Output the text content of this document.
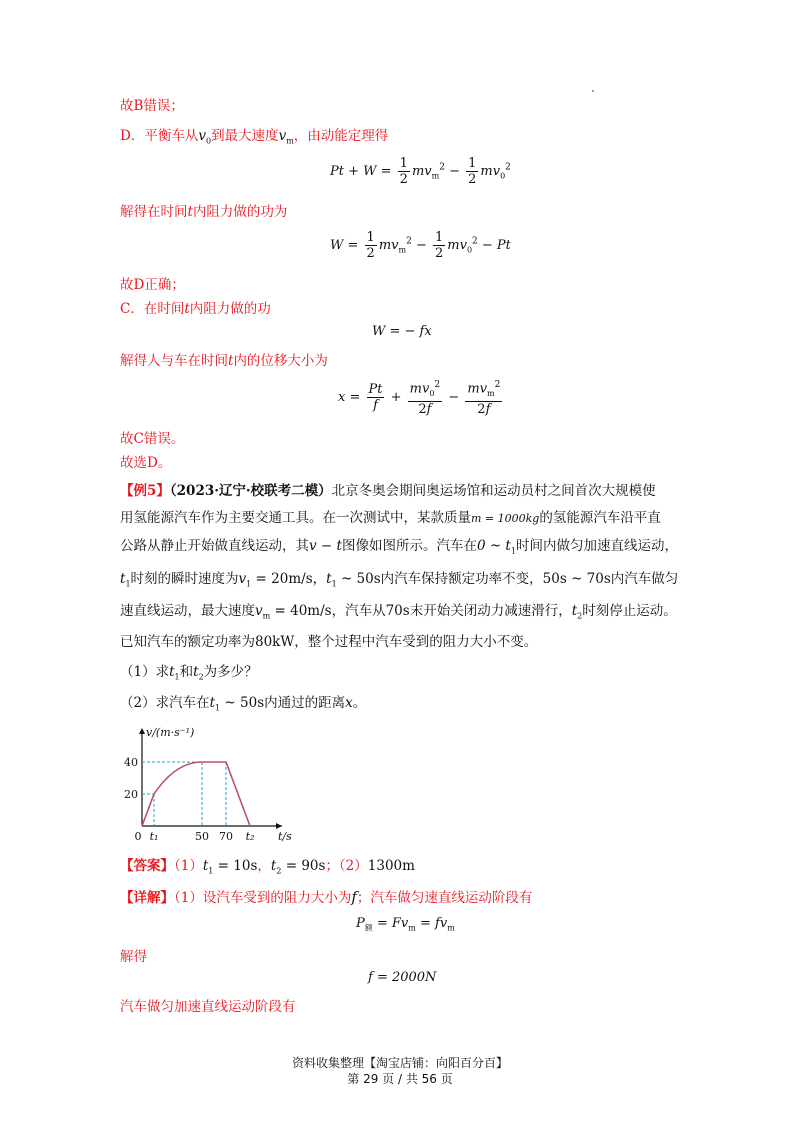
故B错误；
D．平衡车从$v_0$到最大速度$v_m$，由动能定理得
$Pt + W = \frac{1}{2} mv_m^2 - \frac{1}{2} mv_0^2$
解得在时间t内阻力做的功为
$W = \frac{1}{2} mv_m^2 - \frac{1}{2} mv_0^2 - Pt$
故D正确；
C．在时间t内阻力做的功
W = − fx
解得人与车在时间t内的位移大小为
$x = \frac{Pt}{f} + \frac{mv_0^2}{2f} - \frac{mv_m^2}{2f}$
故C错误。
故选D。
【例5】（2023·辽宁·校联考二模）北京冬奥会期间奥运场馆和运动员村之间首次大规模使
用氢能源汽车作为主要交通工具。在一次测试中，某款质量m = 1000kg的氢能源汽车沿平直
公路从静止开始做直线运动，其v − t图像如图所示。汽车在0 ~ $t_1$时间内做匀加速直线运动，
$t_1$时刻的瞬时速度为$v_1 = 20m/s$，$t_1$ ~ 50s内汽车保持额定功率不变，50s ~ 70s内汽车做匀
速直线运动，最大速度$v_m = 40m/s$，汽车从70s末开始关闭动力减速滑行，$t_2$时刻停止运动。
已知汽车的额定功率为80kW，整个过程中汽车受到的阻力大小不变。
（1）求$t_1$和$t_2$为多少？
（2）求汽车在$t_1$ ~ 50s内通过的距离x。
0 t₁	50 70 t₂
20
40
t/s
v/(m·s⁻¹)
【答案】$(1)t_1 = 10s$，$t_2 = 90s$；（2）1300m
【详解】（1）设汽车受到的阻力大小为f；汽车做匀速直线运动阶段有
$P_额 = Fv_m = fv_m$
解得
f = 2000N
汽车做匀加速直线运动阶段有
资料收集整理【淘宝店铺：向阳百分百】
第 29 页 / 共 56 页
